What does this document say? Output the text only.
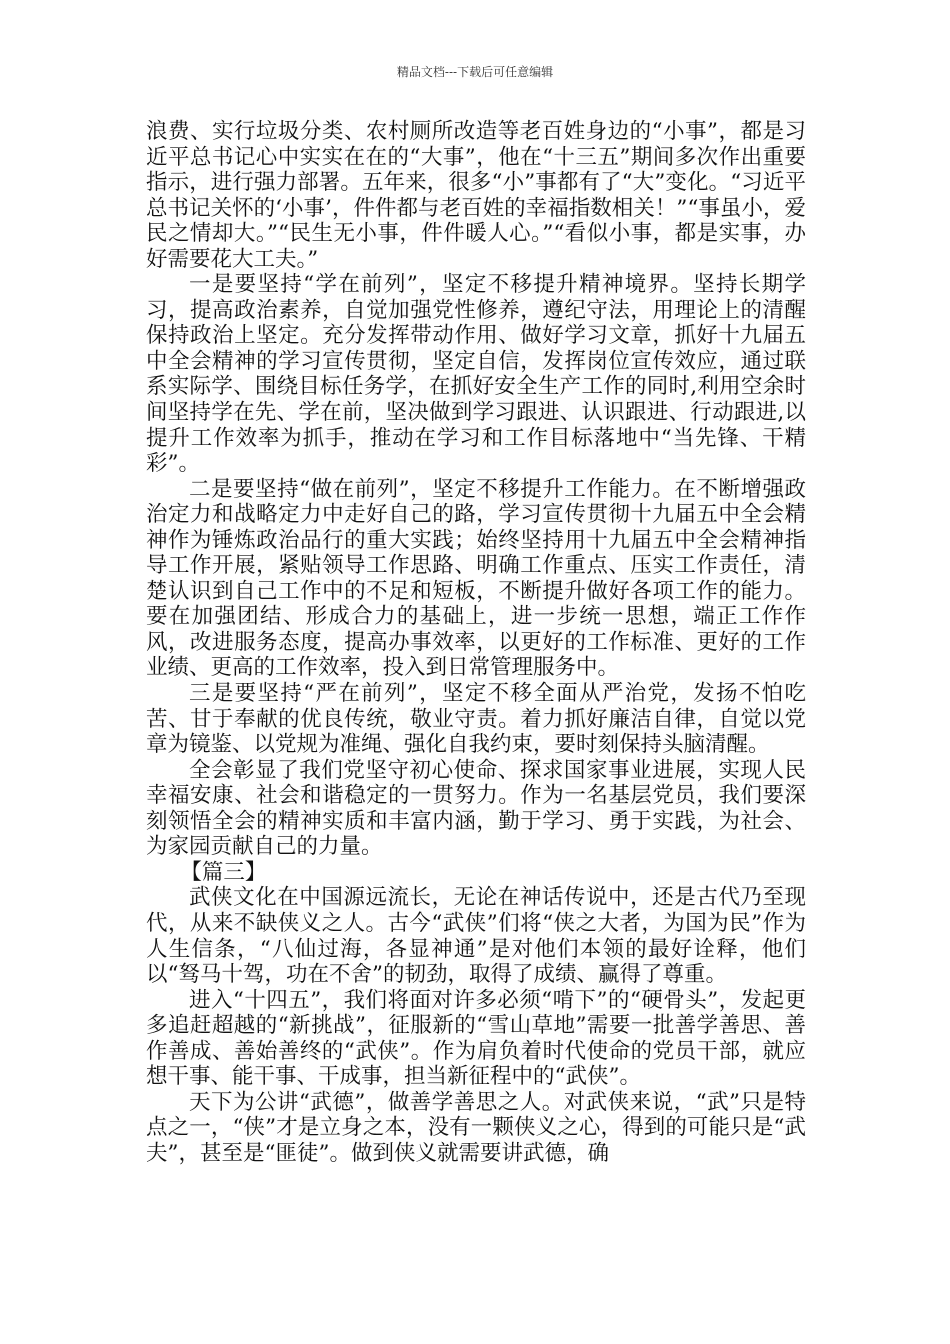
精品文档---下载后可任意编辑

浪费、实行垃圾分类、农村厕所改造等老百姓身边的“小事”，都是习近平总书记心中实实在在的“大事”，他在“十三五”期间多次作出重要指示，进行强力部署。五年来，很多“小”事都有了“大”变化。“习近平总书记关怀的‘小事’，件件都与老百姓的幸福指数相关！”“事虽小，爱民之情却大。”“民生无小事，件件暖人心。”“看似小事，都是实事，办好需要花大工夫。”

一是要坚持“学在前列”，坚定不移提升精神境界。坚持长期学习，提高政治素养，自觉加强党性修养，遵纪守法，用理论上的清醒保持政治上坚定。充分发挥带动作用、做好学习文章，抓好十九届五中全会精神的学习宣传贯彻，坚定自信，发挥岗位宣传效应，通过联系实际学、围绕目标任务学，在抓好安全生产工作的同时,利用空余时间坚持学在先、学在前，坚决做到学习跟进、认识跟进、行动跟进,以提升工作效率为抓手，推动在学习和工作目标落地中“当先锋、干精彩”。

二是要坚持“做在前列”，坚定不移提升工作能力。在不断增强政治定力和战略定力中走好自己的路，学习宣传贯彻十九届五中全会精神作为锤炼政治品行的重大实践；始终坚持用十九届五中全会精神指导工作开展，紧贴领导工作思路、明确工作重点、压实工作责任，清楚认识到自己工作中的不足和短板，不断提升做好各项工作的能力。要在加强团结、形成合力的基础上，进一步统一思想，端正工作作风，改进服务态度，提高办事效率，以更好的工作标准、更好的工作业绩、更高的工作效率，投入到日常管理服务中。

三是要坚持“严在前列”，坚定不移全面从严治党，发扬不怕吃苦、甘于奉献的优良传统，敬业守责。着力抓好廉洁自律，自觉以党章为镜鉴、以党规为准绳、强化自我约束，要时刻保持头脑清醒。

全会彰显了我们党坚守初心使命、探求国家事业进展，实现人民幸福安康、社会和谐稳定的一贯努力。作为一名基层党员，我们要深刻领悟全会的精神实质和丰富内涵，勤于学习、勇于实践，为社会、为家园贡献自己的力量。

【篇三】

武侠文化在中国源远流长，无论在神话传说中，还是古代乃至现代，从来不缺侠义之人。古今“武侠”们将“侠之大者，为国为民”作为人生信条，“八仙过海，各显神通”是对他们本领的最好诠释，他们以“驽马十驾，功在不舍”的韧劲，取得了成绩、赢得了尊重。

进入“十四五”，我们将面对许多必须“啃下”的“硬骨头”，发起更多追赶超越的“新挑战”，征服新的“雪山草地”需要一批善学善思、善作善成、善始善终的“武侠”。作为肩负着时代使命的党员干部，就应想干事、能干事、干成事，担当新征程中的“武侠”。

天下为公讲“武德”，做善学善思之人。对武侠来说，“武”只是特点之一，“侠”才是立身之本，没有一颗侠义之心，得到的可能只是“武夫”，甚至是“匪徒”。做到侠义就需要讲武德，确
